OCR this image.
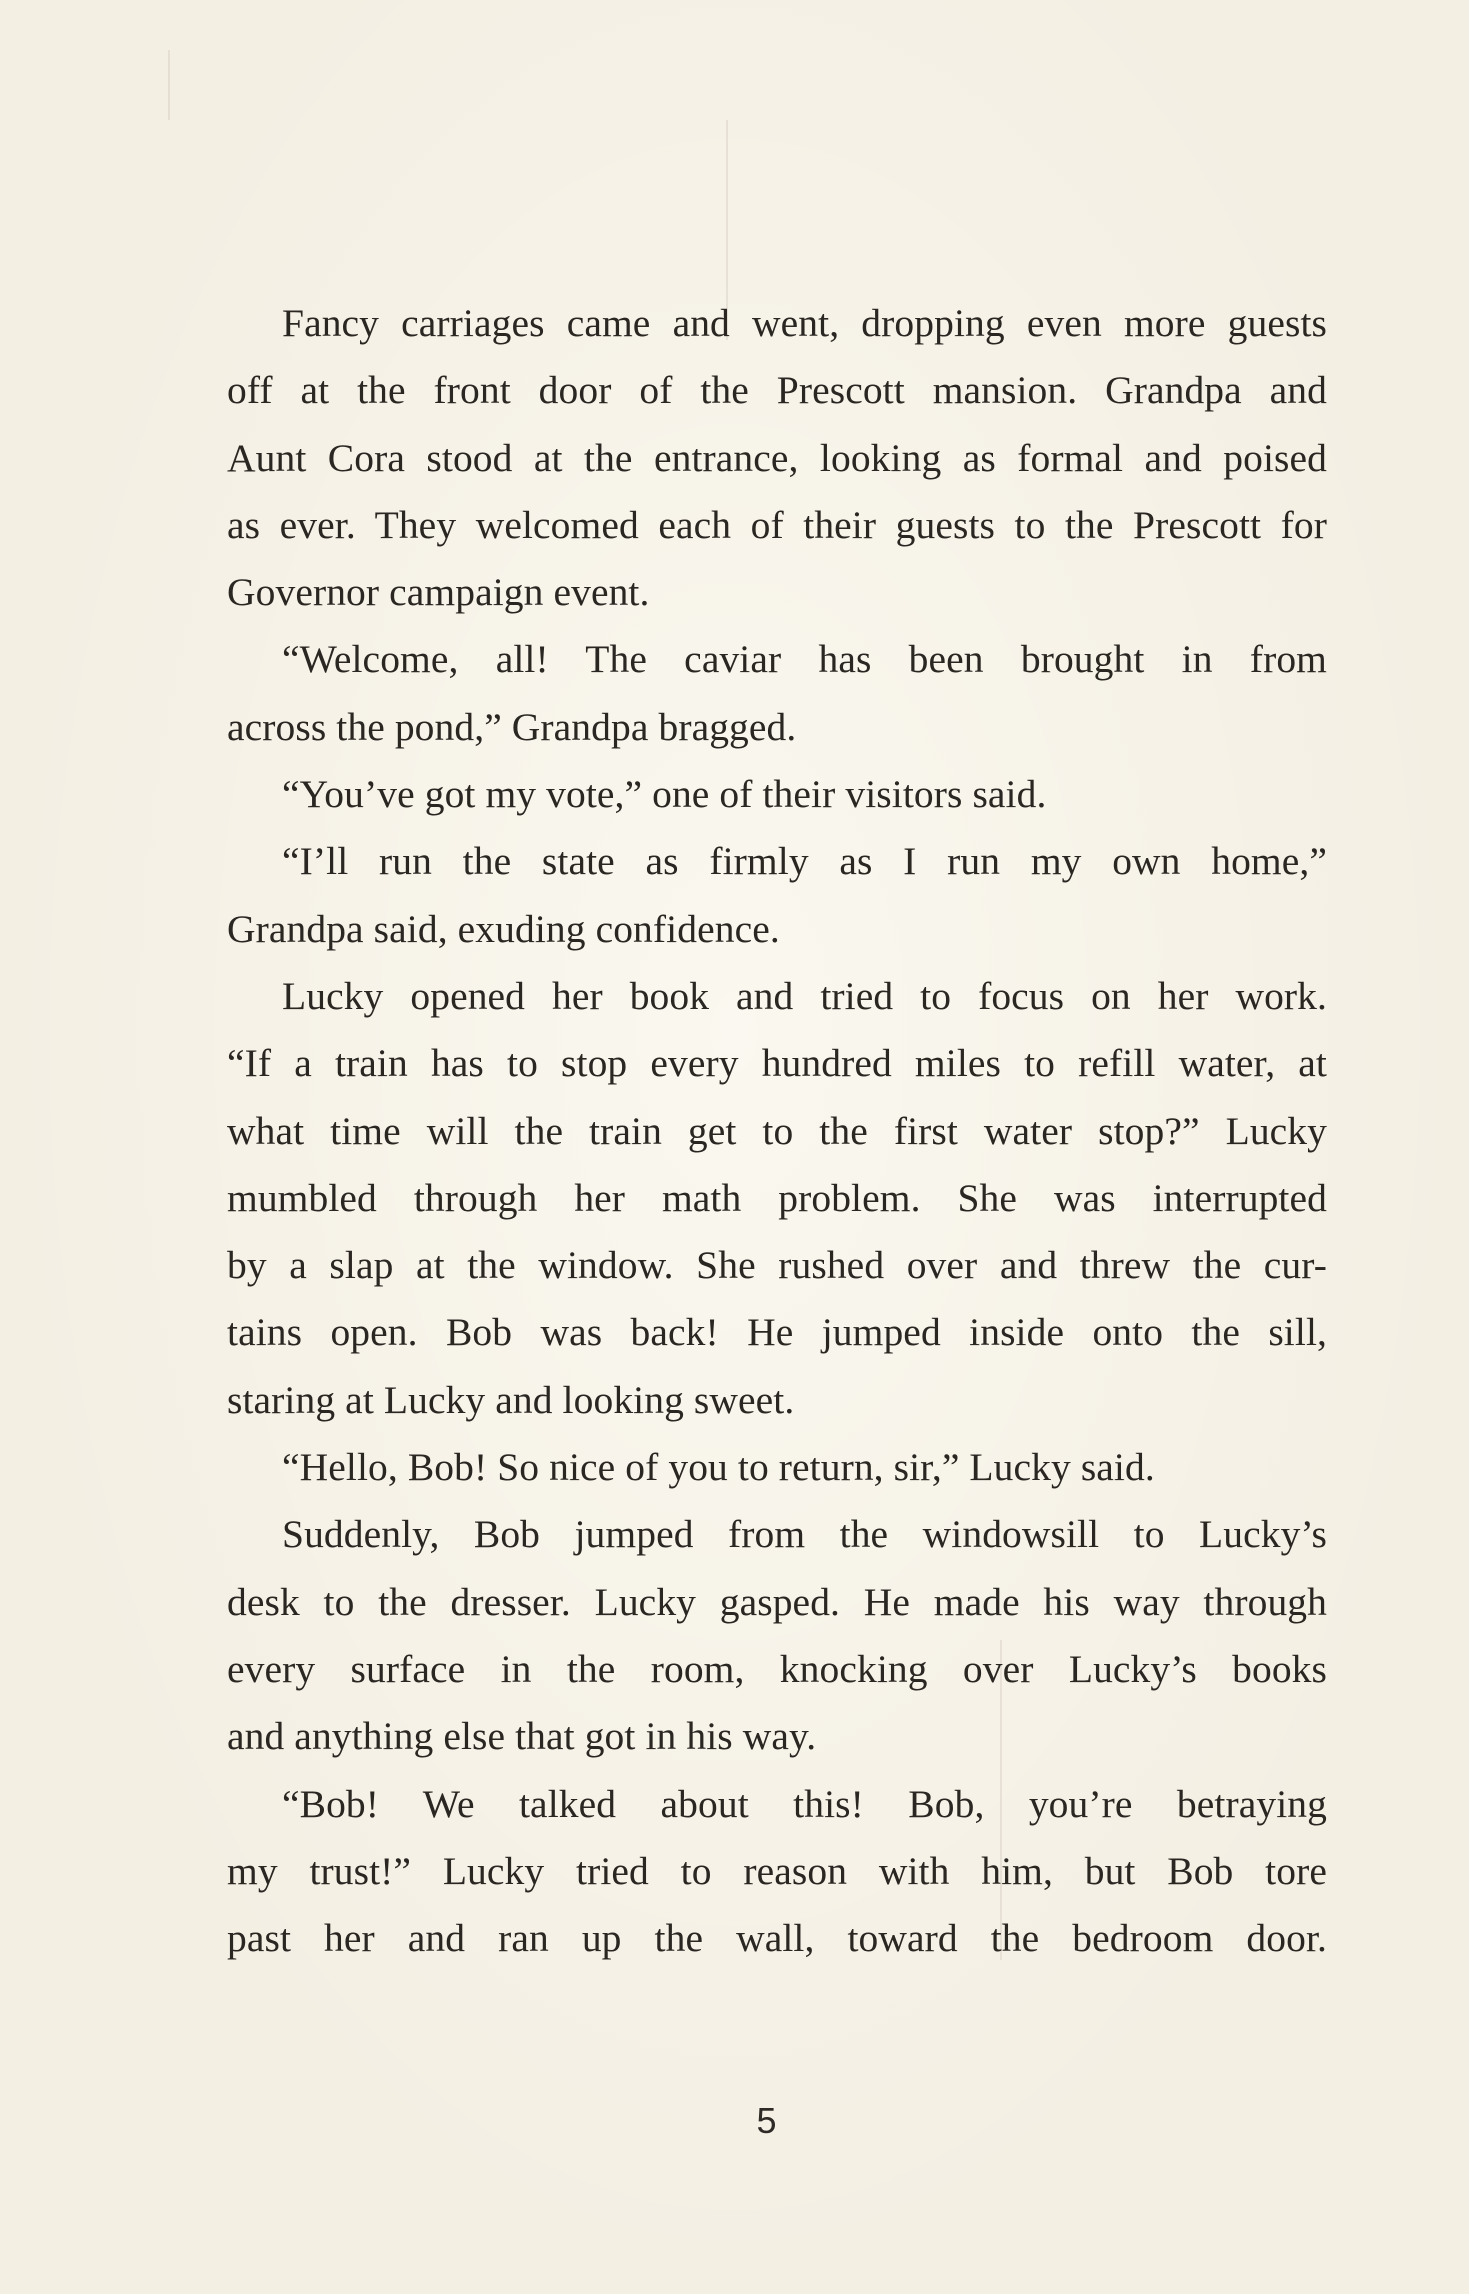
Fancy carriages came and went, dropping even more guests
off at the front door of the Prescott mansion. Grandpa and
Aunt Cora stood at the entrance, looking as formal and poised
as ever. They welcomed each of their guests to the Prescott for
Governor campaign event.
“Welcome, all! The caviar has been brought in from
across the pond,” Grandpa bragged.
“You’ve got my vote,” one of their visitors said.
“I’ll run the state as firmly as I run my own home,”
Grandpa said, exuding confidence.
Lucky opened her book and tried to focus on her work.
“If a train has to stop every hundred miles to refill water, at
what time will the train get to the first water stop?” Lucky
mumbled through her math problem. She was interrupted
by a slap at the window. She rushed over and threw the cur-
tains open. Bob was back! He jumped inside onto the sill,
staring at Lucky and looking sweet.
“Hello, Bob! So nice of you to return, sir,” Lucky said.
Suddenly, Bob jumped from the windowsill to Lucky’s
desk to the dresser. Lucky gasped. He made his way through
every surface in the room, knocking over Lucky’s books
and anything else that got in his way.
“Bob! We talked about this! Bob, you’re betraying
my trust!” Lucky tried to reason with him, but Bob tore
past her and ran up the wall, toward the bedroom door.
5
